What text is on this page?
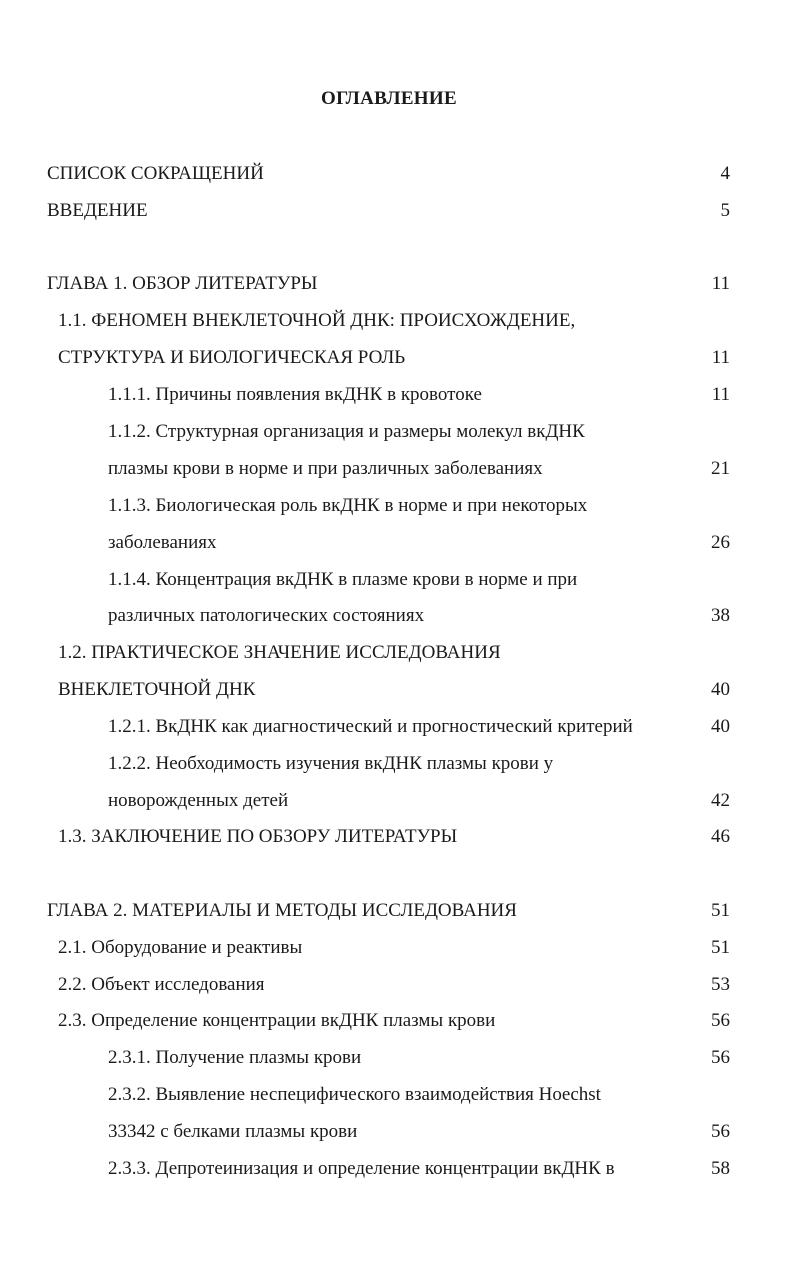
ОГЛАВЛЕНИЕ
СПИСОК СОКРАЩЕНИЙ	4
ВВЕДЕНИЕ	5
ГЛАВА 1. ОБЗОР ЛИТЕРАТУРЫ	11
1.1. ФЕНОМЕН ВНЕКЛЕТОЧНОЙ ДНК: ПРОИСХОЖДЕНИЕ,
СТРУКТУРА И БИОЛОГИЧЕСКАЯ РОЛЬ	11
1.1.1. Причины появления вкДНК в кровотоке	11
1.1.2. Структурная организация и размеры молекул вкДНК
плазмы крови в норме и при различных заболеваниях	21
1.1.3. Биологическая роль вкДНК в норме и при некоторых
заболеваниях	26
1.1.4. Концентрация вкДНК в плазме крови в норме и при
различных патологических состояниях	38
1.2. ПРАКТИЧЕСКОЕ ЗНАЧЕНИЕ ИССЛЕДОВАНИЯ
ВНЕКЛЕТОЧНОЙ ДНК	40
1.2.1. ВкДНК как диагностический и прогностический критерий	40
1.2.2. Необходимость изучения вкДНК плазмы крови у
новорожденных детей	42
1.3. ЗАКЛЮЧЕНИЕ ПО ОБЗОРУ ЛИТЕРАТУРЫ	46
ГЛАВА 2. МАТЕРИАЛЫ И МЕТОДЫ ИССЛЕДОВАНИЯ	51
2.1. Оборудование и реактивы	51
2.2. Объект исследования	53
2.3. Определение концентрации вкДНК плазмы крови	56
2.3.1. Получение плазмы крови	56
2.3.2. Выявление неспецифического взаимодействия Hoechst
33342 с белками плазмы крови	56
2.3.3. Депротеинизация и определение концентрации вкДНК в	58
